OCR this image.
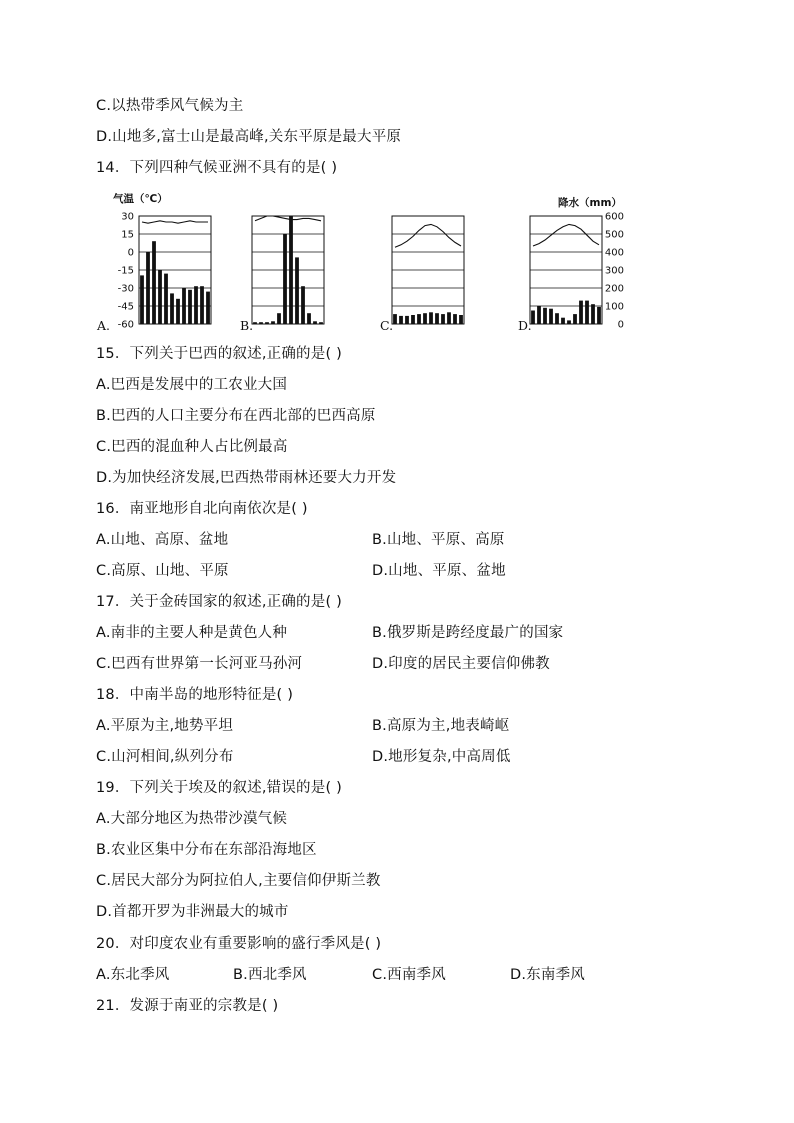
C.以热带季风气候为主
D.山地多,富士山是最高峰,关东平原是最大平原
14．下列四种气候亚洲不具有的是( )
气温（℃）	降水（mm）
30
15
0
-15
-30
-45
-60
600
500
400
300
200
100
0
A.	B.	C.	D.
15．下列关于巴西的叙述,正确的是( )
A.巴西是发展中的工农业大国
B.巴西的人口主要分布在西北部的巴西高原
C.巴西的混血种人占比例最高
D.为加快经济发展,巴西热带雨林还要大力开发
16．南亚地形自北向南依次是( )
A.山地、高原、盆地	B.山地、平原、高原
C.高原、山地、平原	D.山地、平原、盆地
17．关于金砖国家的叙述,正确的是( )
A.南非的主要人种是黄色人种	B.俄罗斯是跨经度最广的国家
C.巴西有世界第一长河亚马孙河	D.印度的居民主要信仰佛教
18．中南半岛的地形特征是( )
A.平原为主,地势平坦	B.高原为主,地表崎岖
C.山河相间,纵列分布	D.地形复杂,中高周低
19．下列关于埃及的叙述,错误的是( )
A.大部分地区为热带沙漠气候
B.农业区集中分布在东部沿海地区
C.居民大部分为阿拉伯人,主要信仰伊斯兰教
D.首都开罗为非洲最大的城市
20．对印度农业有重要影响的盛行季风是( )
A.东北季风	B.西北季风	C.西南季风	D.东南季风
21．发源于南亚的宗教是( )
